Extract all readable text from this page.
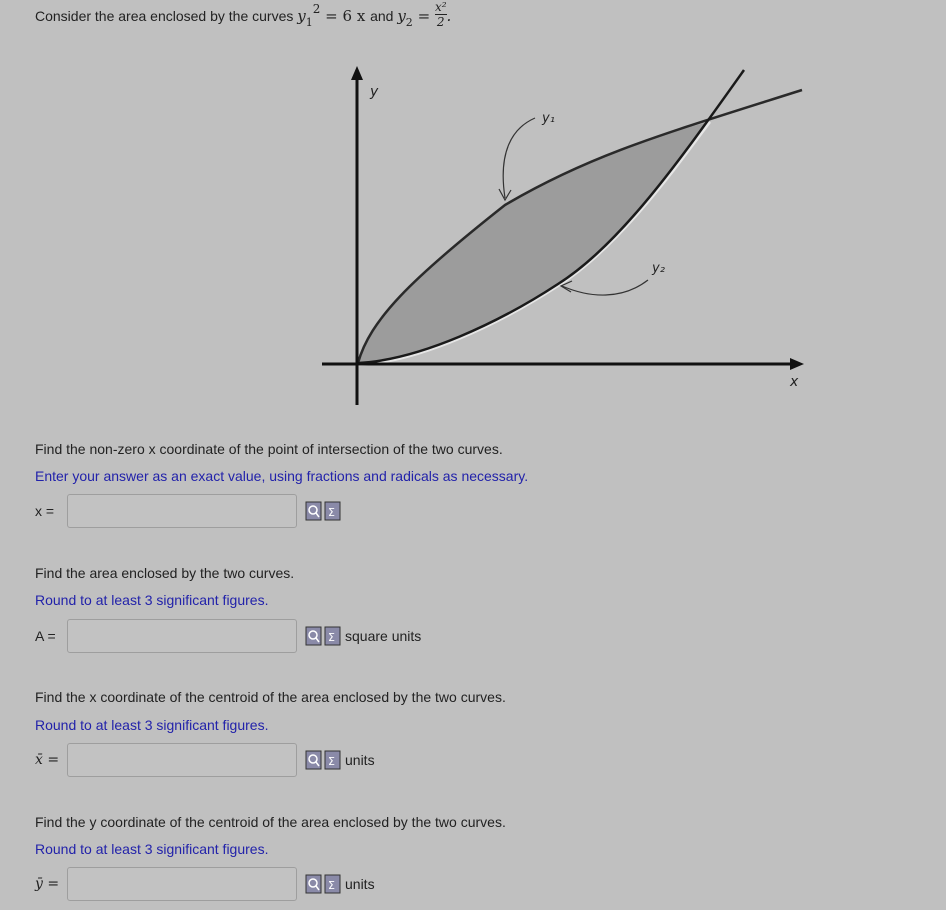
Consider the area enclosed by the curves $y_1^2 = 6$ x and $y_2 = \frac{\text{x²}}{2}$ .
y
x
y₁
y₂
Find the non-zero x coordinate of the point of intersection of the two curves.
Enter your answer as an exact value, using fractions and radicals as necessary.
x =	Σ
Find the area enclosed by the two curves.
Round to at least 3 significant figures.
A =	Σ square units
Find the x coordinate of the centroid of the area enclosed by the two curves.
Round to at least 3 significant figures.
x̄ =	Σ units
Find the y coordinate of the centroid of the area enclosed by the two curves.
Round to at least 3 significant figures.
ȳ =	Σ units
